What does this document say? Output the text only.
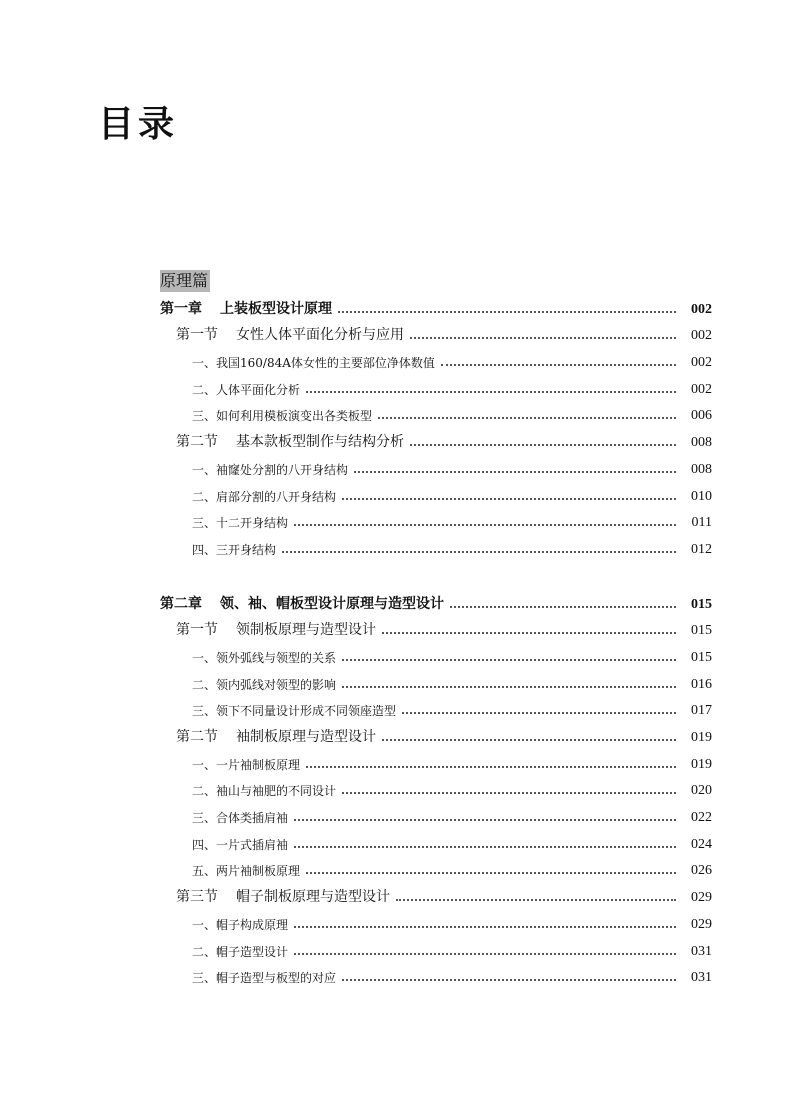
目录
原理篇
第一章 上装板型设计原理	002
第一节 女性人体平面化分析与应用	002
一、我国160/84A体女性的主要部位净体数值	002
二、人体平面化分析	002
三、如何利用模板演变出各类板型	006
第二节 基本款板型制作与结构分析	008
一、袖窿处分割的八开身结构	008
二、肩部分割的八开身结构	010
三、十二开身结构	011
四、三开身结构	012
第二章 领、袖、帽板型设计原理与造型设计	015
第一节 领制板原理与造型设计	015
一、领外弧线与领型的关系	015
二、领内弧线对领型的影响	016
三、领下不同量设计形成不同领座造型	017
第二节 袖制板原理与造型设计	019
一、一片袖制板原理	019
二、袖山与袖肥的不同设计	020
三、合体类插肩袖	022
四、一片式插肩袖	024
五、两片袖制板原理	026
第三节 帽子制板原理与造型设计	029
一、帽子构成原理	029
二、帽子造型设计	031
三、帽子造型与板型的对应	031
